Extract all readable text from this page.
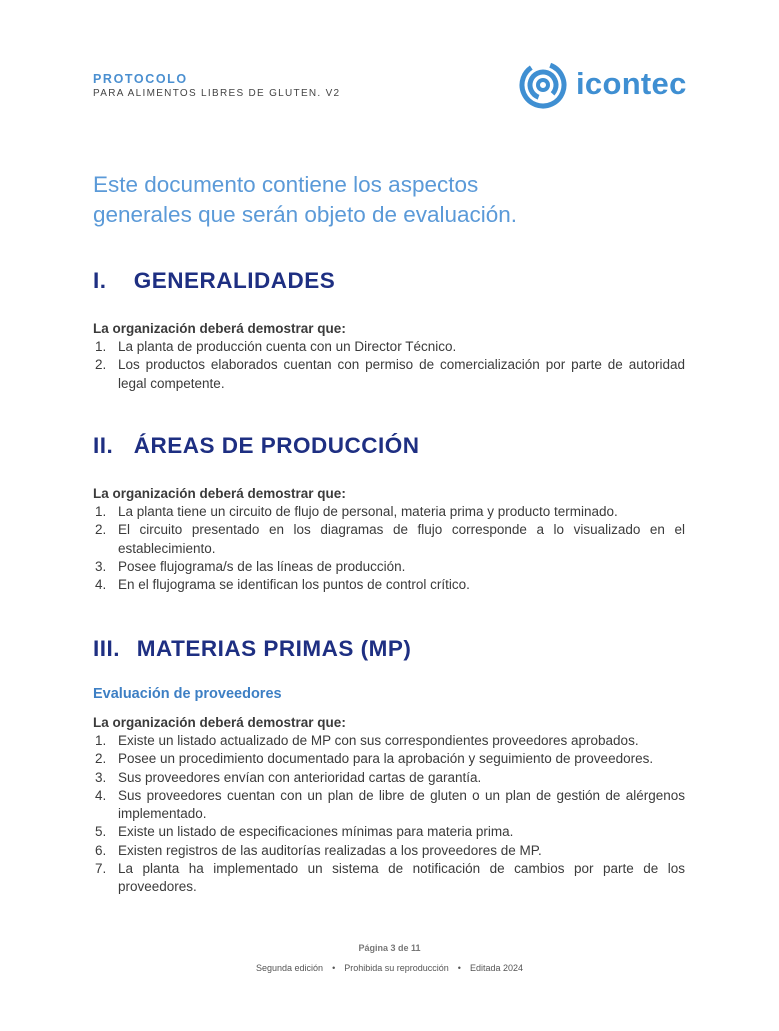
PROTOCOLO
PARA ALIMENTOS LIBRES DE GLUTEN. V2	icontec
Este documento contiene los aspectos
generales que serán objeto de evaluación.
I. GENERALIDADES
La organización deberá demostrar que:
1. La planta de producción cuenta con un Director Técnico.
2. Los productos elaborados cuentan con permiso de comercialización por parte de autoridad legal competente.
II. ÁREAS DE PRODUCCIÓN
La organización deberá demostrar que:
1. La planta tiene un circuito de flujo de personal, materia prima y producto terminado.
2. El circuito presentado en los diagramas de flujo corresponde a lo visualizado en el establecimiento.
3. Posee flujograma/s de las líneas de producción.
4. En el flujograma se identifican los puntos de control crítico.
III. MATERIAS PRIMAS (MP)
Evaluación de proveedores
La organización deberá demostrar que:
1. Existe un listado actualizado de MP con sus correspondientes proveedores aprobados.
2. Posee un procedimiento documentado para la aprobación y seguimiento de proveedores.
3. Sus proveedores envían con anterioridad cartas de garantía.
4. Sus proveedores cuentan con un plan de libre de gluten o un plan de gestión de alérgenos implementado.
5. Existe un listado de especificaciones mínimas para materia prima.
6. Existen registros de las auditorías realizadas a los proveedores de MP.
7. La planta ha implementado un sistema de notificación de cambios por parte de los proveedores.
Página 3 de 11
Segunda edición • Prohibida su reproducción • Editada 2024
